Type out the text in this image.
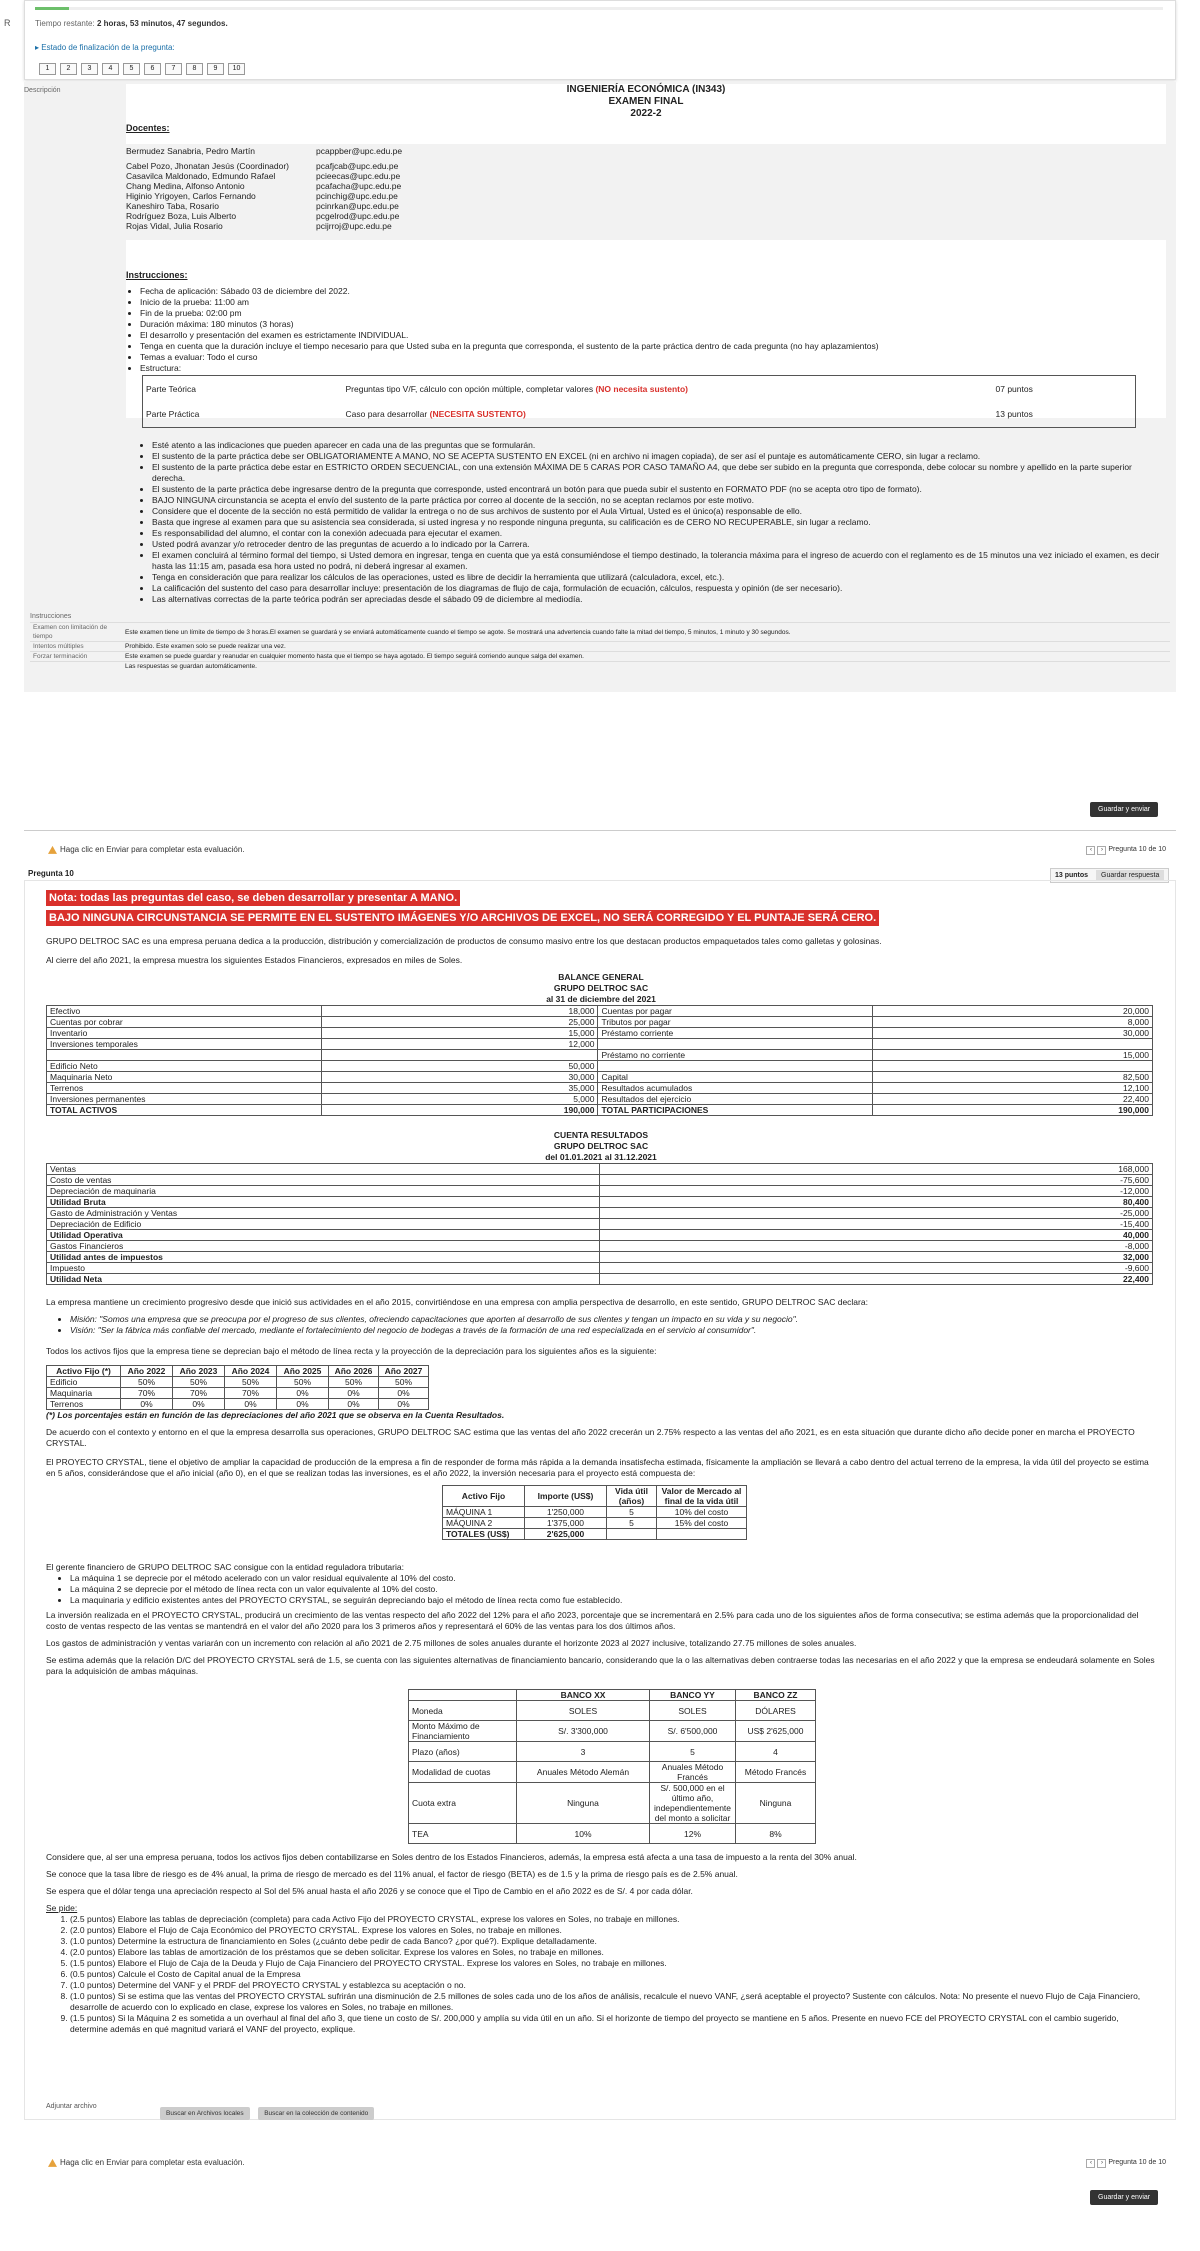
R	Tiempo restante: 2 horas, 53 minutos, 47 segundos.
▸ Estado de finalización de la pregunta:
1	2	3	4	5	6	7	8	9	10
Descripción	INGENIERÍA ECONÓMICA (IN343)
EXAMEN FINAL
2022-2
Docentes:
Bermudez Sanabria, Pedro Martín	pcappber@upc.edu.pe
Cabel Pozo, Jhonatan Jesús (Coordinador)	pcafjcab@upc.edu.pe
Casavilca Maldonado, Edmundo Rafael	pcieecas@upc.edu.pe
Chang Medina, Alfonso Antonio	pcafacha@upc.edu.pe
Higinio Yrigoyen, Carlos Fernando	pcinchig@upc.edu.pe
Kaneshiro Taba, Rosario	pcinrkan@upc.edu.pe
Rodríguez Boza, Luis Alberto	pcgelrod@upc.edu.pe
Rojas Vidal, Julia Rosario	pcijrroj@upc.edu.pe
Instrucciones:
• Fecha de aplicación: Sábado 03 de diciembre del 2022.
• Inicio de la prueba: 11:00 am
• Fin de la prueba: 02:00 pm
• Duración máxima: 180 minutos (3 horas)
• El desarrollo y presentación del examen es estrictamente INDIVIDUAL.
• Tenga en cuenta que la duración incluye el tiempo necesario para que Usted suba en la pregunta que corresponda, el sustento de la parte práctica dentro de cada pregunta (no hay aplazamientos)
• Temas a evaluar: Todo el curso
• Estructura:
Parte Teórica	Preguntas tipo V/F, cálculo con opción múltiple, completar valores (NO necesita sustento)	07 puntos
Parte Práctica	Caso para desarrollar (NECESITA SUSTENTO)	13 puntos
• Esté atento a las indicaciones que pueden aparecer en cada una de las preguntas que se formularán.
• El sustento de la parte práctica debe ser OBLIGATORIAMENTE A MANO, NO SE ACEPTA SUSTENTO EN EXCEL (ni en archivo ni imagen copiada), de ser así el puntaje es automáticamente CERO, sin lugar a reclamo.
• El sustento de la parte práctica debe estar en ESTRICTO ORDEN SECUENCIAL, con una extensión MÁXIMA DE 5 CARAS POR CASO TAMAÑO A4, que debe ser subido en la pregunta que corresponda, debe colocar su nombre y apellido en la parte superior derecha.
• El sustento de la parte práctica debe ingresarse dentro de la pregunta que corresponde, usted encontrará un botón para que pueda subir el sustento en FORMATO PDF (no se acepta otro tipo de formato).
• BAJO NINGUNA circunstancia se acepta el envío del sustento de la parte práctica por correo al docente de la sección, no se aceptan reclamos por este motivo.
• Considere que el docente de la sección no está permitido de validar la entrega o no de sus archivos de sustento por el Aula Virtual, Usted es el único(a) responsable de ello.
• Basta que ingrese al examen para que su asistencia sea considerada, si usted ingresa y no responde ninguna pregunta, su calificación es de CERO NO RECUPERABLE, sin lugar a reclamo.
• Es responsabilidad del alumno, el contar con la conexión adecuada para ejecutar el examen.
• Usted podrá avanzar y/o retroceder dentro de las preguntas de acuerdo a lo indicado por la Carrera.
• El examen concluirá al término formal del tiempo, si Usted demora en ingresar, tenga en cuenta que ya está consumiéndose el tiempo destinado, la tolerancia máxima para el ingreso de acuerdo con el reglamento es de 15 minutos una vez iniciado el examen, es decir hasta las 11:15 am, pasada esa hora usted no podrá, ni deberá ingresar al examen.
• Tenga en consideración que para realizar los cálculos de las operaciones, usted es libre de decidir la herramienta que utilizará (calculadora, excel, etc.).
• La calificación del sustento del caso para desarrollar incluye: presentación de los diagramas de flujo de caja, formulación de ecuación, cálculos, respuesta y opinión (de ser necesario).
• Las alternativas correctas de la parte teórica podrán ser apreciadas desde el sábado 09 de diciembre al mediodía.
Instrucciones
Examen con limitación de tiempo	Este examen tiene un límite de tiempo de 3 horas.El examen se guardará y se enviará automáticamente cuando el tiempo se agote. Se mostrará una advertencia cuando falte la mitad del tiempo, 5 minutos, 1 minuto y 30 segundos.
Intentos múltiples	Prohibido. Este examen solo se puede realizar una vez.
Forzar terminación	Este examen se puede guardar y reanudar en cualquier momento hasta que el tiempo se haya agotado. El tiempo seguirá corriendo aunque salga del examen.
	Las respuestas se guardan automáticamente.
Guardar y enviar
Haga clic en Enviar para completar esta evaluación.	‹ › Pregunta 10 de 10
Pregunta 10	13 puntos Guardar respuesta
Nota: todas las preguntas del caso, se deben desarrollar y presentar A MANO.
BAJO NINGUNA CIRCUNSTANCIA SE PERMITE EN EL SUSTENTO IMÁGENES Y/O ARCHIVOS DE EXCEL, NO SERÁ CORREGIDO Y EL PUNTAJE SERÁ CERO.

GRUPO DELTROC SAC es una empresa peruana dedica a la producción, distribución y comercialización de productos de consumo masivo entre los que destacan productos empaquetados tales como galletas y golosinas.

Al cierre del año 2021, la empresa muestra los siguientes Estados Financieros, expresados en miles de Soles.

BALANCE GENERAL
GRUPO DELTROC SAC
al 31 de diciembre del 2021
Efectivo	18,000	Cuentas por pagar	20,000
Cuentas por cobrar	25,000	Tributos por pagar	8,000
Inventario	15,000	Préstamo corriente	30,000
Inversiones temporales	12,000		
		Préstamo no corriente	15,000
Edificio Neto	50,000		
Maquinaria Neto	30,000	Capital	82,500
Terrenos	35,000	Resultados acumulados	12,100
Inversiones permanentes	5,000	Resultados del ejercicio	22,400
TOTAL ACTIVOS	190,000	TOTAL PARTICIPACIONES	190,000
CUENTA RESULTADOS
GRUPO DELTROC SAC
del 01.01.2021 al 31.12.2021
Ventas	168,000
Costo de ventas	-75,600
Depreciación de maquinaria	-12,000
Utilidad Bruta	80,400
Gasto de Administración y Ventas	-25,000
Depreciación de Edificio	-15,400
Utilidad Operativa	40,000
Gastos Financieros	-8,000
Utilidad antes de impuestos	32,000
Impuesto	-9,600
Utilidad Neta	22,400

La empresa mantiene un crecimiento progresivo desde que inició sus actividades en el año 2015, convirtiéndose en una empresa con amplia perspectiva de desarrollo, en este sentido, GRUPO DELTROC SAC declara:

• Misión: "Somos una empresa que se preocupa por el progreso de sus clientes, ofreciendo capacitaciones que aporten al desarrollo de sus clientes y tengan un impacto en su vida y su negocio".
• Visión: "Ser la fábrica más confiable del mercado, mediante el fortalecimiento del negocio de bodegas a través de la formación de una red especializada en el servicio al consumidor".

Todos los activos fijos que la empresa tiene se deprecian bajo el método de línea recta y la proyección de la depreciación para los siguientes años es la siguiente:

Activo Fijo (*)	Año 2022	Año 2023	Año 2024	Año 2025	Año 2026	Año 2027
Edificio	50%	50%	50%	50%	50%	50%
Maquinaria	70%	70%	70%	0%	0%	0%
Terrenos	0%	0%	0%	0%	0%	0%

(*) Los porcentajes están en función de las depreciaciones del año 2021 que se observa en la Cuenta Resultados.

De acuerdo con el contexto y entorno en el que la empresa desarrolla sus operaciones, GRUPO DELTROC SAC estima que las ventas del año 2022 crecerán un 2.75% respecto a las ventas del año 2021, es en esta situación que durante dicho año decide poner en marcha el PROYECTO CRYSTAL.

El PROYECTO CRYSTAL, tiene el objetivo de ampliar la capacidad de producción de la empresa a fin de responder de forma más rápida a la demanda insatisfecha estimada, físicamente la ampliación se llevará a cabo dentro del actual terreno de la empresa, la vida útil del proyecto se estima en 5 años, considerándose que el año inicial (año 0), en el que se realizan todas las inversiones, es el año 2022, la inversión necesaria para el proyecto está compuesta de:

Activo Fijo	Importe (US$)	Vida útil (años)	Valor de Mercado al final de la vida útil
MÁQUINA 1	1'250,000	5	10% del costo
MÁQUINA 2	1'375,000	5	15% del costo
TOTALES (US$)	2'625,000		

El gerente financiero de GRUPO DELTROC SAC consigue con la entidad reguladora tributaria:

• La máquina 1 se deprecie por el método acelerado con un valor residual equivalente al 10% del costo.
• La máquina 2 se deprecie por el método de línea recta con un valor equivalente al 10% del costo.
• La maquinaria y edificio existentes antes del PROYECTO CRYSTAL, se seguirán depreciando bajo el método de línea recta como fue establecido.

La inversión realizada en el PROYECTO CRYSTAL, producirá un crecimiento de las ventas respecto del año 2022 del 12% para el año 2023, porcentaje que se incrementará en 2.5% para cada uno de los siguientes años de forma consecutiva; se estima además que la proporcionalidad del costo de ventas respecto de las ventas se mantendrá en el valor del año 2020 para los 3 primeros años y representará el 60% de las ventas para los dos últimos años.

Los gastos de administración y ventas variarán con un incremento con relación al año 2021 de 2.75 millones de soles anuales durante el horizonte 2023 al 2027 inclusive, totalizando 27.75 millones de soles anuales.

Se estima además que la relación D/C del PROYECTO CRYSTAL será de 1.5, se cuenta con las siguientes alternativas de financiamiento bancario, considerando que la o las alternativas deben contraerse todas las necesarias en el año 2022 y que la empresa se endeudará solamente en Soles para la adquisición de ambas máquinas.

	BANCO XX	BANCO YY	BANCO ZZ
Moneda	SOLES	SOLES	DÓLARES
Monto Máximo de Financiamiento	S/. 3'300,000	S/. 6'500,000	US$ 2'625,000
Plazo (años)	3	5	4
Modalidad de cuotas	Anuales Método Alemán	Anuales Método Francés	Método Francés
Cuota extra	Ninguna	S/. 500,000 en el último año, independientemente del monto a solicitar	Ninguna
TEA	10%	12%	8%

Considere que, al ser una empresa peruana, todos los activos fijos deben contabilizarse en Soles dentro de los Estados Financieros, además, la empresa está afecta a una tasa de impuesto a la renta del 30% anual.

Se conoce que la tasa libre de riesgo es de 4% anual, la prima de riesgo de mercado es del 11% anual, el factor de riesgo (BETA) es de 1.5 y la prima de riesgo país es de 2.5% anual.

Se espera que el dólar tenga una apreciación respecto al Sol del 5% anual hasta el año 2026 y se conoce que el Tipo de Cambio en el año 2022 es de S/. 4 por cada dólar.

Se pide:

1. (2.5 puntos) Elabore las tablas de depreciación (completa) para cada Activo Fijo del PROYECTO CRYSTAL, exprese los valores en Soles, no trabaje en millones.
2. (2.0 puntos) Elabore el Flujo de Caja Económico del PROYECTO CRYSTAL. Exprese los valores en Soles, no trabaje en millones.
3. (1.0 puntos) Determine la estructura de financiamiento en Soles (¿cuánto debe pedir de cada Banco? ¿por qué?). Explique detalladamente.
4. (2.0 puntos) Elabore las tablas de amortización de los préstamos que se deben solicitar. Exprese los valores en Soles, no trabaje en millones.
5. (1.5 puntos) Elabore el Flujo de Caja de la Deuda y Flujo de Caja Financiero del PROYECTO CRYSTAL. Exprese los valores en Soles, no trabaje en millones.
6. (0.5 puntos) Calcule el Costo de Capital anual de la Empresa
7. (1.0 puntos) Determine del VANF y el PRDF del PROYECTO CRYSTAL y establezca su aceptación o no.
8. (1.0 puntos) Si se estima que las ventas del PROYECTO CRYSTAL sufrirán una disminución de 2.5 millones de soles cada uno de los años de análisis, recalcule el nuevo VANF, ¿será aceptable el proyecto? Sustente con cálculos. Nota: No presente el nuevo Flujo de Caja Financiero, desarrolle de acuerdo con lo explicado en clase, exprese los valores en Soles, no trabaje en millones.
9. (1.5 puntos) Si la Máquina 2 es sometida a un overhaul al final del año 3, que tiene un costo de S/. 200,000 y amplía su vida útil en un año. Si el horizonte de tiempo del proyecto se mantiene en 5 años. Presente en nuevo FCE del PROYECTO CRYSTAL con el cambio sugerido, determine además en qué magnitud variará el VANF del proyecto, explique.
Adjuntar archivo
Buscar en Archivos locales	Buscar en la colección de contenido
Haga clic en Enviar para completar esta evaluación.	‹ › Pregunta 10 de 10
Guardar y enviar
